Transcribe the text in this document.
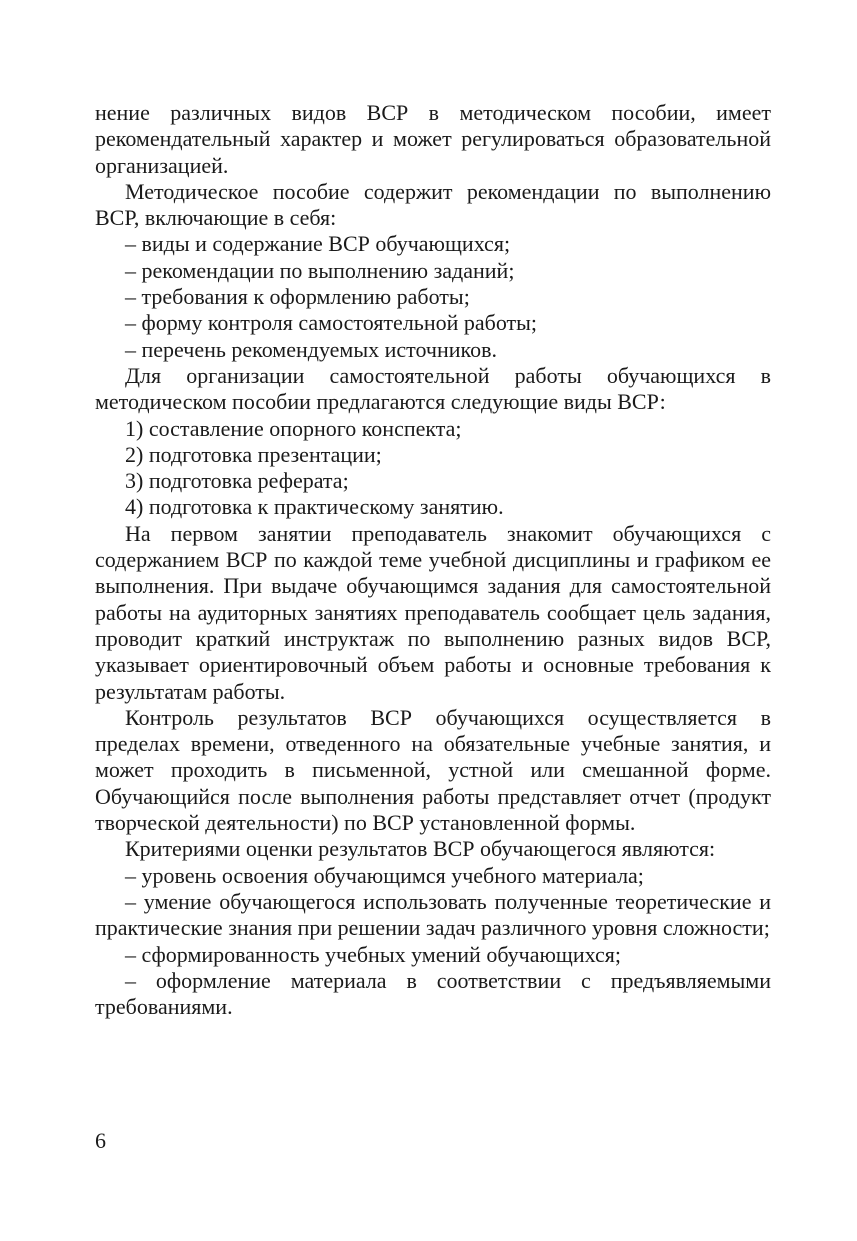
нение различных видов ВСР в методическом пособии, имеет рекомендательный характер и может регулироваться образовательной организацией.

Методическое пособие содержит рекомендации по выполнению ВСР, включающие в себя:

– виды и содержание ВСР обучающихся;

– рекомендации по выполнению заданий;

– требования к оформлению работы;

– форму контроля самостоятельной работы;

– перечень рекомендуемых источников.

Для организации самостоятельной работы обучающихся в методическом пособии предлагаются следующие виды ВСР:

1) составление опорного конспекта;

2) подготовка презентации;

3) подготовка реферата;

4) подготовка к практическому занятию.

На первом занятии преподаватель знакомит обучающихся с содержанием ВСР по каждой теме учебной дисциплины и графиком ее выполнения. При выдаче обучающимся задания для самостоятельной работы на аудиторных занятиях преподаватель сообщает цель задания, проводит краткий инструктаж по выполнению разных видов ВСР, указывает ориентировочный объем работы и основные требования к результатам работы.

Контроль результатов ВСР обучающихся осуществляется в пределах времени, отведенного на обязательные учебные занятия, и может проходить в письменной, устной или смешанной форме. Обучающийся после выполнения работы представляет отчет (продукт творческой деятельности) по ВСР установленной формы.

Критериями оценки результатов ВСР обучающегося являются:

– уровень освоения обучающимся учебного материала;

– умение обучающегося использовать полученные теоретические и практические знания при решении задач различного уровня сложности;

– сформированность учебных умений обучающихся;

– оформление материала в соответствии с предъявляемыми требованиями.

6
